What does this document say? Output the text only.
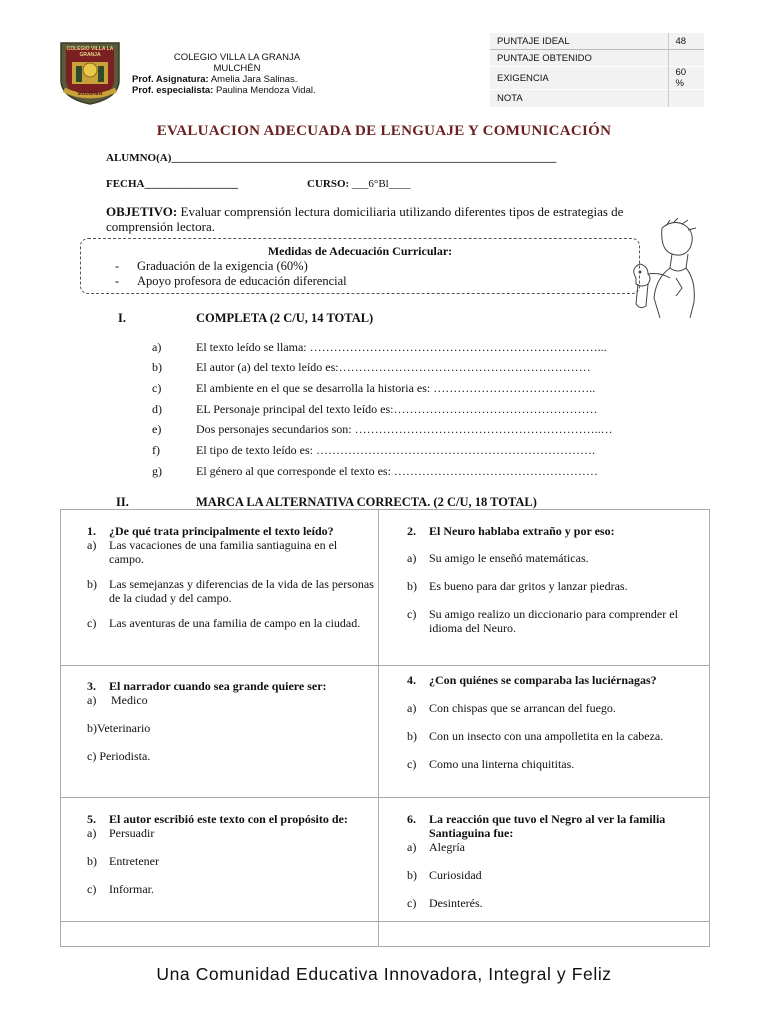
COLEGIO VILLA LA GRANJA
MULCHEN
COLEGIO VILLA LA GRANJA
MULCHÉN
Prof. Asignatura: Amelia Jara Salinas.
Prof. especialista: Paulina Mendoza Vidal.
PUNTAJE IDEAL	48
PUNTAJE OBTENIDO	
EXIGENCIA	60 %
NOTA	
EVALUACION ADECUADA DE LENGUAJE Y COMUNICACIÓN
ALUMNO(A)______________________________________________________________________
FECHA_________________	CURSO: ___6°Bl____
OBJETIVO: Evaluar comprensión lectura domiciliaria utilizando diferentes tipos de estrategias de comprensión lectora.
Medidas de Adecuación Curricular:
- Graduación de la exigencia (60%)
- Apoyo profesora de educación diferencial
I.	COMPLETA (2 C/U, 14 TOTAL)
a)	El texto leído se llama: ………………………………………………………………...
b)	El autor (a) del texto leído es:………………………………………………………
c)	El ambiente en el que se desarrolla la historia es: …………………………………..
d)	EL Personaje principal del texto leído es:……………………………………………
e)	Dos personajes secundarios son: ……………………………………………………..…
f)	El tipo de texto leído es: …………………………………………………………….
g)	El género al que corresponde el texto es: ……………………………………………
II.	MARCA LA ALTERNATIVA CORRECTA. (2 C/U, 18 TOTAL)
1.	¿De qué trata principalmente el texto leído?
a)	Las vacaciones de una familia santiaguina en el campo.
b)	Las semejanzas y diferencias de la vida de las personas de la ciudad y del campo.
c)	Las aventuras de una familia de campo en la ciudad.
2.	El Neuro hablaba extraño y por eso:
a)	Su amigo le enseñó matemáticas.
b)	Es bueno para dar gritos y lanzar piedras.
c)	Su amigo realizo un diccionario para comprender el idioma del Neuro.
3.	El narrador cuando sea grande quiere ser:
a)	Medico
b)Veterinario
c) Periodista.
4.	¿Con quiénes se comparaba las luciérnagas?
a)	Con chispas que se arrancan del fuego.
b)	Con un insecto con una ampolletita en la cabeza.
c)	Como una linterna chiquititas.
5.	El autor escribió este texto con el propósito de:
a)	Persuadir
b)	Entretener
c)	Informar.
6.	La reacción que tuvo el Negro al ver la familia Santiaguina fue:
a)	Alegría
b)	Curiosidad
c)	Desinterés.
Una Comunidad Educativa Innovadora, Integral y Feliz
